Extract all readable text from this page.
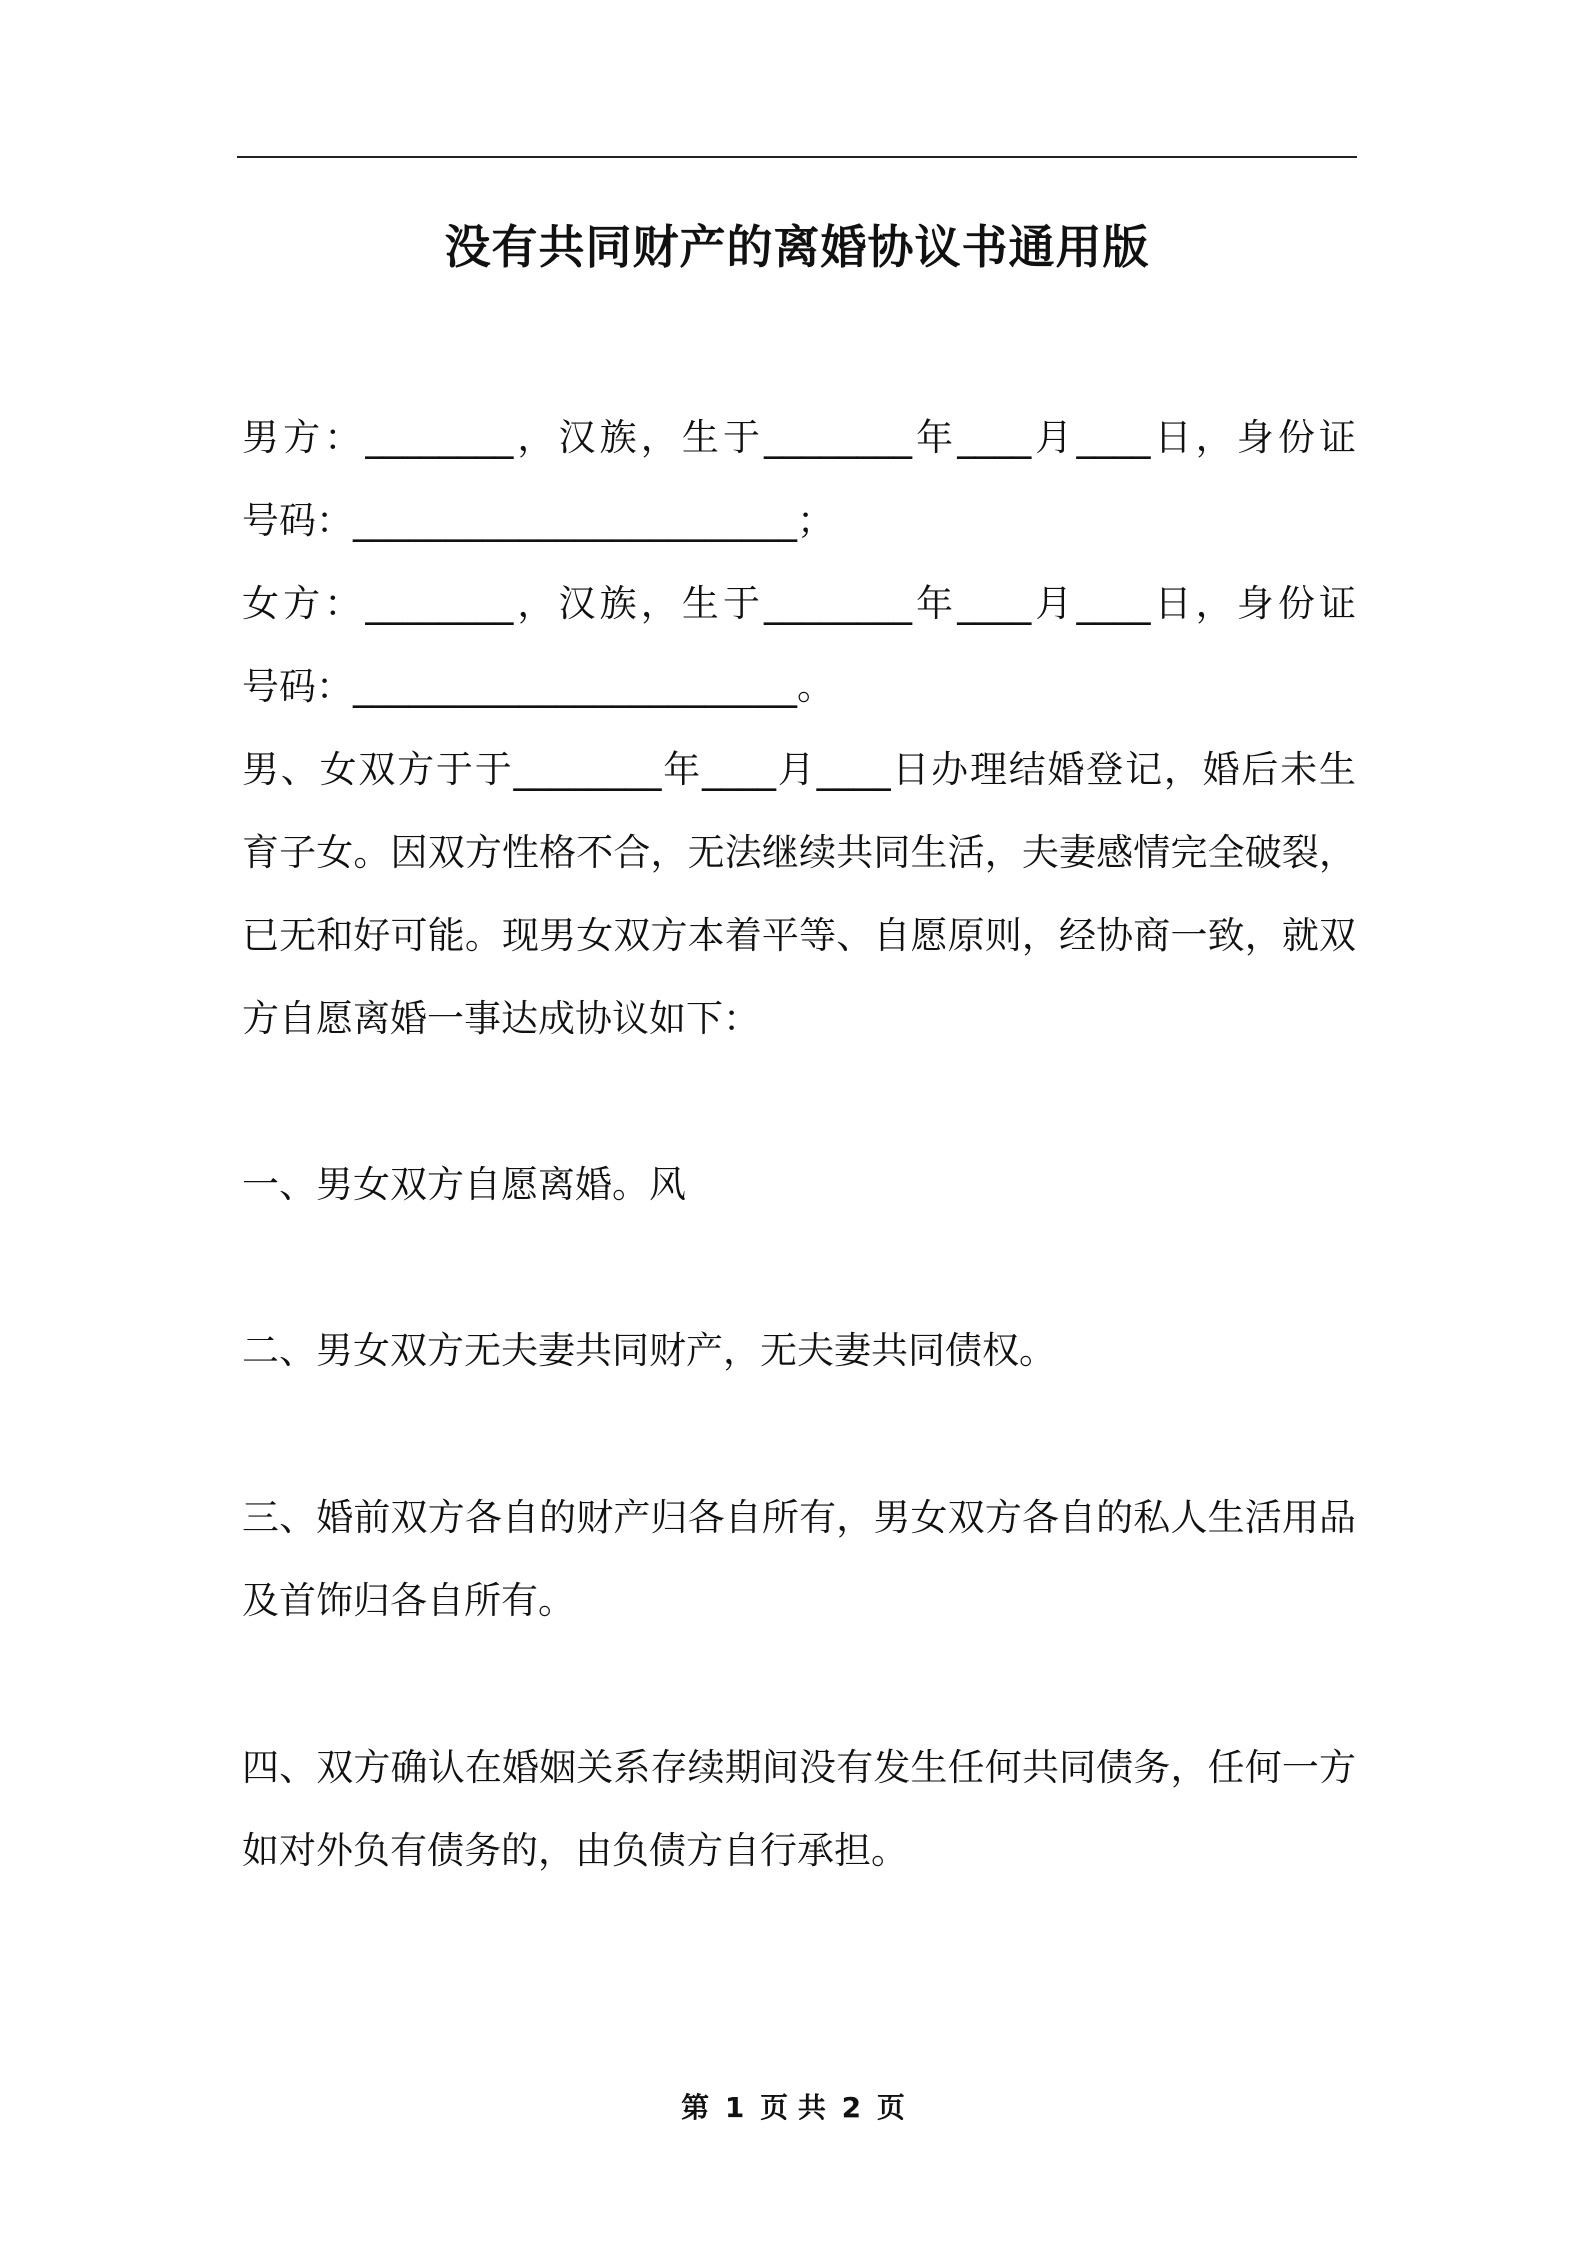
没有共同财产的离婚协议书通用版
男方：________，汉族，生于________年____月____日，身份证
号码：________________________；
女方：________，汉族，生于________年____月____日，身份证
号码：________________________。
男、女双方于于________年____月____日办理结婚登记，婚后未生
育子女。因双方性格不合，无法继续共同生活，夫妻感情完全破裂，
已无和好可能。现男女双方本着平等、自愿原则，经协商一致，就双
方自愿离婚一事达成协议如下：
一、男女双方自愿离婚。风
二、男女双方无夫妻共同财产，无夫妻共同债权。
三、婚前双方各自的财产归各自所有，男女双方各自的私人生活用品
及首饰归各自所有。
四、双方确认在婚姻关系存续期间没有发生任何共同债务，任何一方
如对外负有债务的，由负债方自行承担。
第 1 页 共 2 页
